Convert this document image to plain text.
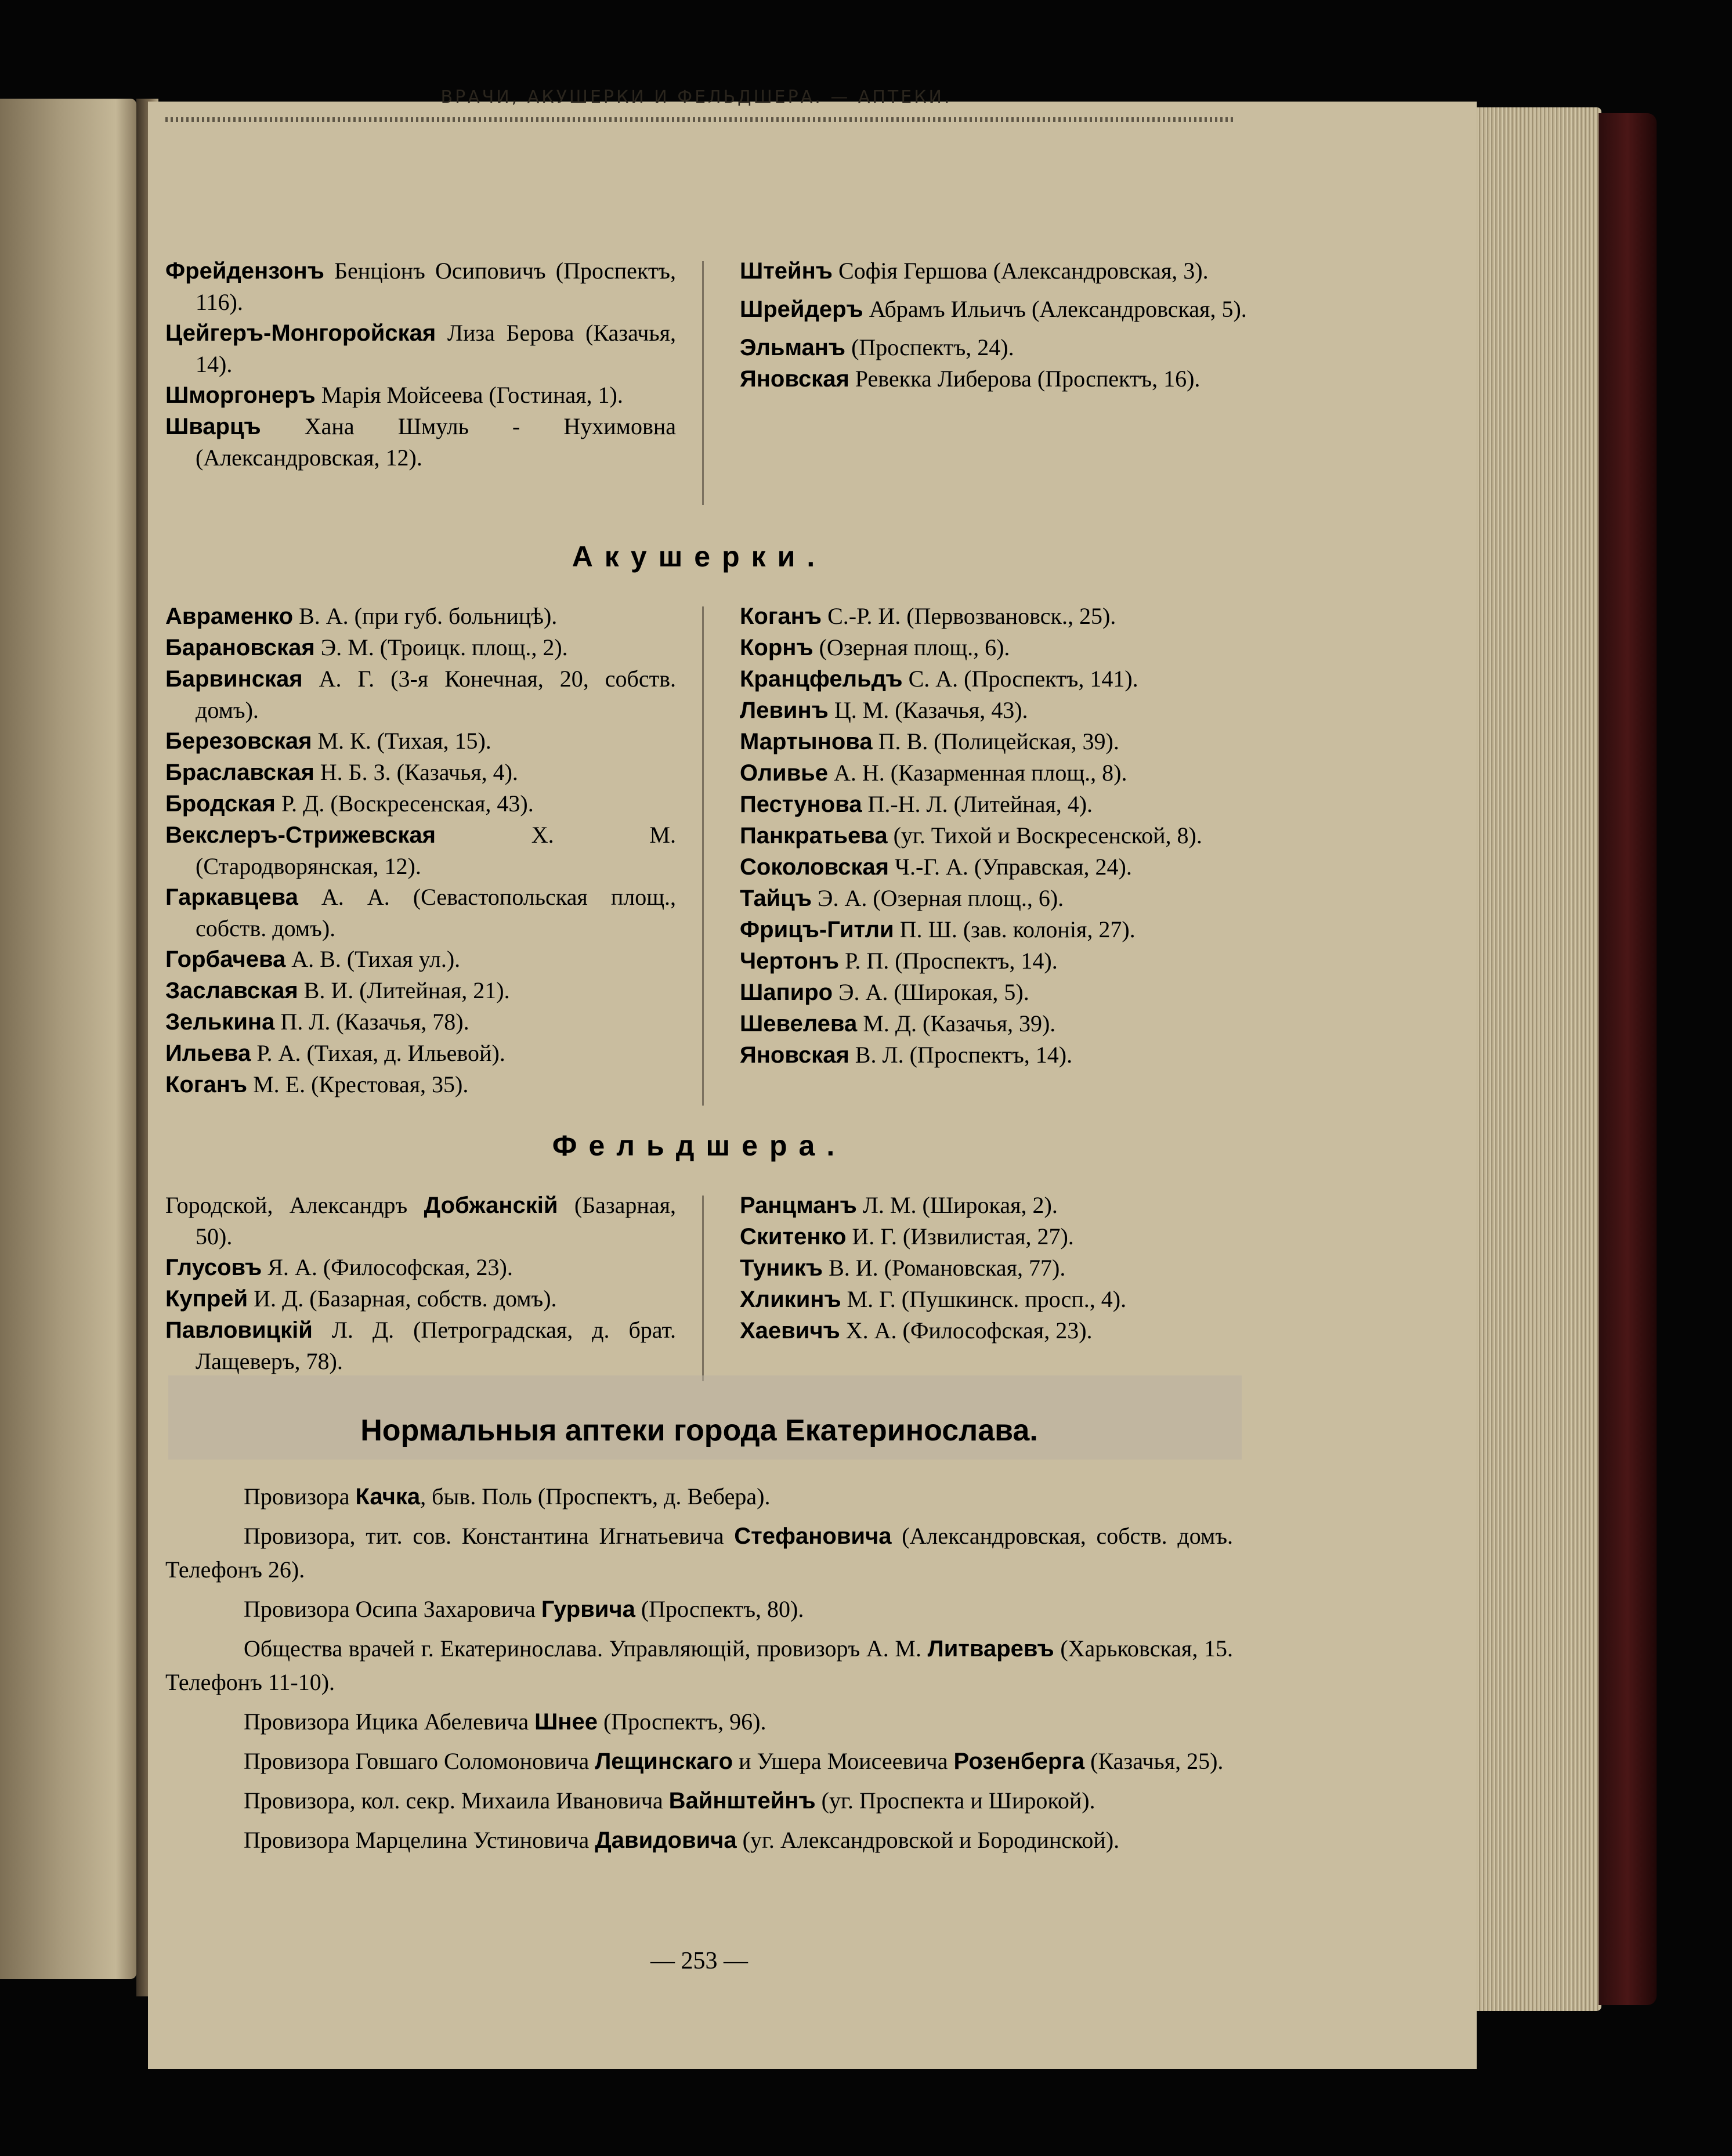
ВРАЧИ, АКУШЕРКИ И ФЕЛЬДШЕРА. — АПТЕКИ.

Фрейдензонъ Бенціонъ Осиповичъ (Проспектъ, 116).

Цейгеръ-Монгоройская Лиза Берова (Казачья, 14).

Шморгонеръ Марія Мойсеева (Гостиная, 1).

Шварцъ Хана Шмуль - Нухимовна (Александровская, 12).

Штейнъ Софія Гершова (Александровская, 3).

Шрейдеръ Абрамъ Ильичъ (Александровская, 5).

Эльманъ (Проспектъ, 24).

Яновская Ревекка Либерова (Проспектъ, 16).

Акушерки.

Авраменко В. А. (при губ. больницѣ).

Барановская Э. М. (Троицк. площ., 2).

Барвинская А. Г. (3-я Конечная, 20, собств. домъ).

Березовская М. К. (Тихая, 15).

Браславская Н. Б. З. (Казачья, 4).

Бродская Р. Д. (Воскресенская, 43).

Векслеръ-Стрижевская Х. М. (Стародворянская, 12).

Гаркавцева А. А. (Севастопольская площ., собств. домъ).

Горбачева А. В. (Тихая ул.).

Заславская В. И. (Литейная, 21).

Зелькина П. Л. (Казачья, 78).

Ильева Р. А. (Тихая, д. Ильевой).

Коганъ М. Е. (Крестовая, 35).

Коганъ С.-Р. И. (Первозвановск., 25).

Корнъ (Озерная площ., 6).

Кранцфельдъ С. А. (Проспектъ, 141).

Левинъ Ц. М. (Казачья, 43).

Мартынова П. В. (Полицейская, 39).

Оливье А. Н. (Казарменная площ., 8).

Пестунова П.-Н. Л. (Литейная, 4).

Панкратьева (уг. Тихой и Воскресенской, 8).

Соколовская Ч.-Г. А. (Управская, 24).

Тайцъ Э. А. (Озерная площ., 6).

Фрицъ-Гитли П. Ш. (зав. колонія, 27).

Чертонъ Р. П. (Проспектъ, 14).

Шапиро Э. А. (Широкая, 5).

Шевелева М. Д. (Казачья, 39).

Яновская В. Л. (Проспектъ, 14).

Фельдшера.

Городской, Александръ Добжанскій (Базарная, 50).

Глусовъ Я. А. (Философская, 23).

Купрей И. Д. (Базарная, собств. домъ).

Павловицкій Л. Д. (Петроградская, д. брат. Лащеверъ, 78).

Ранцманъ Л. М. (Широкая, 2).

Скитенко И. Г. (Извилистая, 27).

Туникъ В. И. (Романовская, 77).

Хликинъ М. Г. (Пушкинск. просп., 4).

Хаевичъ Х. А. (Философская, 23).

Нормальныя аптеки города Екатеринослава.

Провизора Качка, быв. Поль (Проспектъ, д. Вебера).

Провизора, тит. сов. Константина Игнатьевича Стефановича (Александровская, собств. домъ. Телефонъ 26).

Провизора Осипа Захаровича Гурвича (Проспектъ, 80).

Общества врачей г. Екатеринослава. Управляющій, провизоръ А. М. Литваревъ (Харьковская, 15. Телефонъ 11-10).

Провизора Ицика Абелевича Шнее (Проспектъ, 96).

Провизора Говшаго Соломоновича Лещинскаго и Ушера Моисеевича Розенберга (Казачья, 25).

Провизора, кол. секр. Михаила Ивановича Вайнштейнъ (уг. Проспекта и Широкой).

Провизора Марцелина Устиновича Давидовича (уг. Александровской и Бородинской).

— 253 —
